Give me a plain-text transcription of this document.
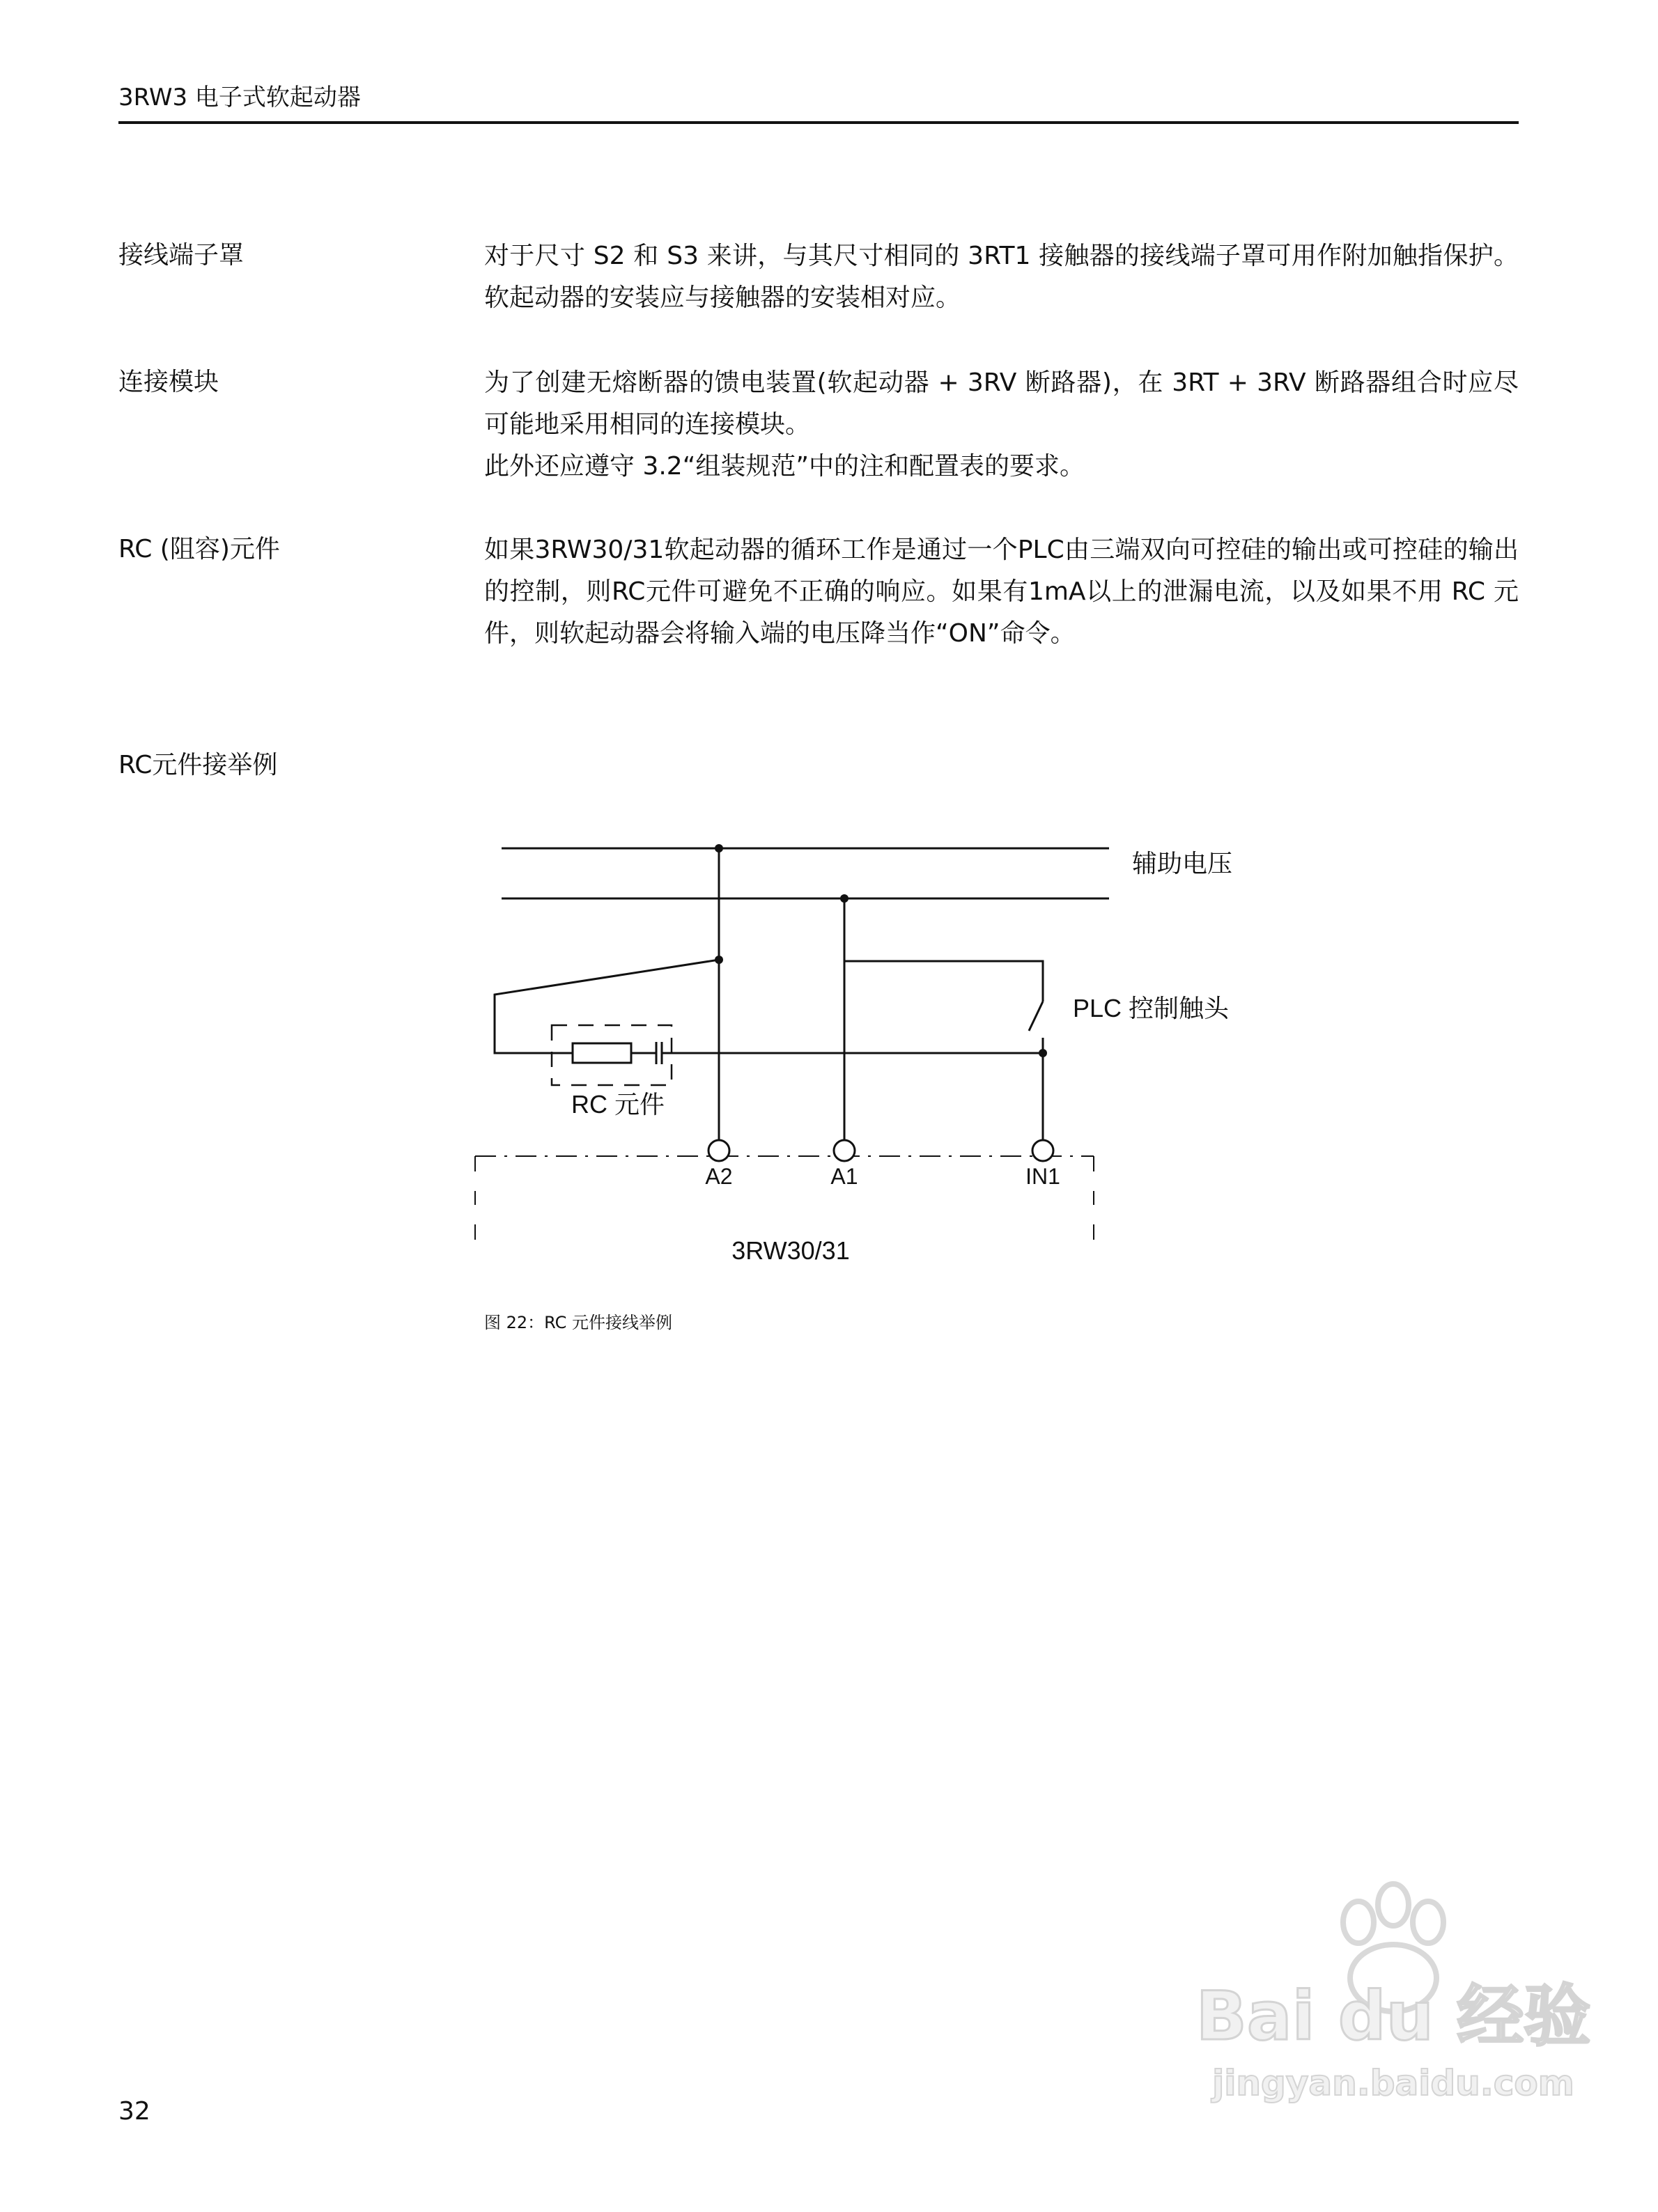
3RW3 电子式软起动器
接线端子罩	对于尺寸 S2 和 S3 来讲，与其尺寸相同的 3RT1 接触器的接线端子罩可用作附加触指保护。软起动器的安装应与接触器的安装相对应。

连接模块	为了创建无熔断器的馈电装置(软起动器 + 3RV 断路器)，在 3RT + 3RV 断路器组合时应尽可能地采用相同的连接模块。

此外还应遵守 3.2“组装规范”中的注和配置表的要求。

RC (阻容)元件	如果3RW30/31软起动器的循环工作是通过一个PLC由三端双向可控硅的输出或可控硅的输出的控制，则RC元件可避免不正确的响应。如果有1mA以上的泄漏电流，以及如果不用 RC 元件，则软起动器会将输入端的电压降当作“ON”命令。

RC元件接举例
辅助电压
PLC 控制触头
RC 元件
A2	A1	IN1
3RW30/31
图 22：RC 元件接线举例
32
Bai du 经验
jingyan.baidu.com
